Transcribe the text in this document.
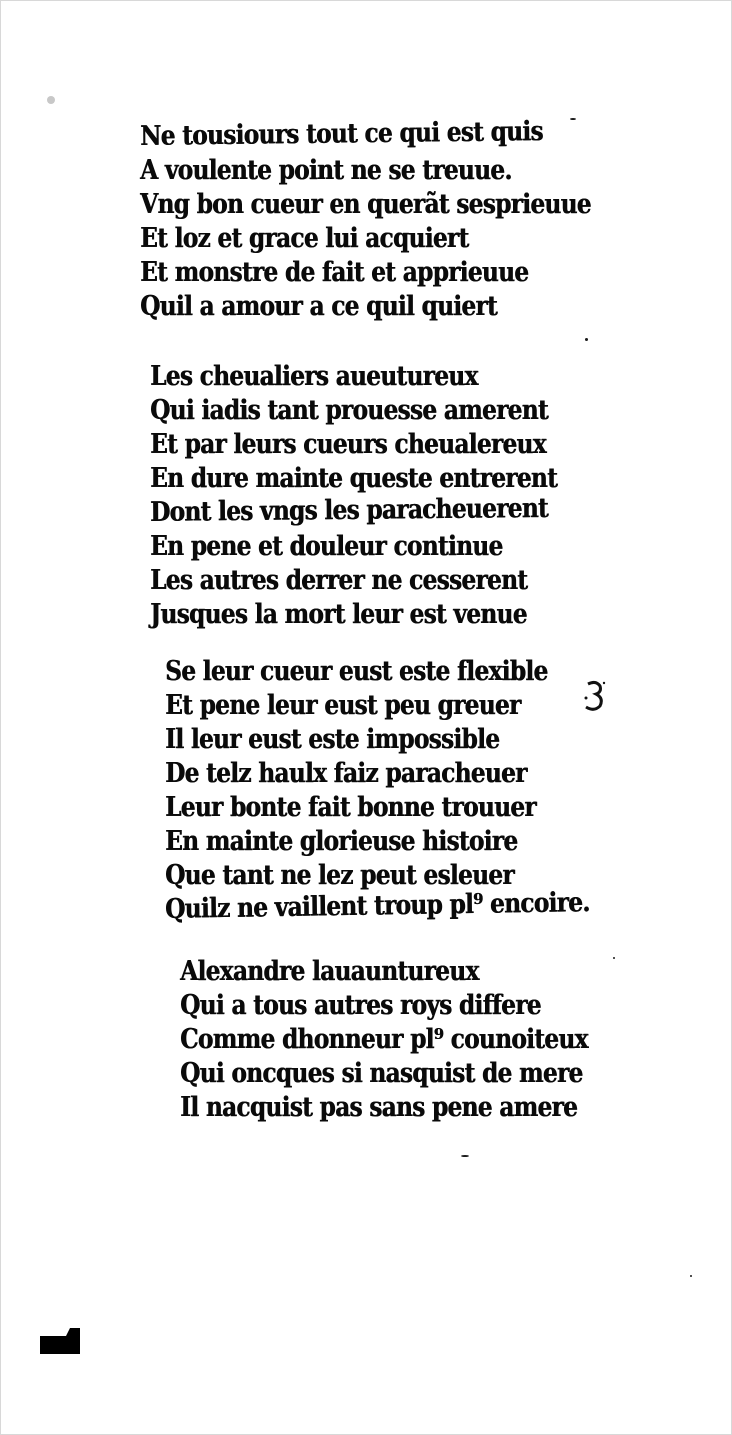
Ne tousiours tout ce qui est quis
A voulente point ne se treuue.
Vng bon cueur en querãt sesprieuue
Et loz et grace lui acquiert
Et monstre de fait et apprieuue
Quil a amour a ce quil quiert
Les cheualiers aueutureux
Qui iadis tant prouesse amerent
Et par leurs cueurs cheualereux
En dure mainte queste entrerent
Dont les vngs les paracheuerent
En pene et douleur continue
Les autres derrer ne cesserent
Jusques la mort leur est venue
Se leur cueur eust este flexible
Et pene leur eust peu greuer
Il leur eust este impossible
De telz haulx faiz paracheuer
Leur bonte fait bonne trouuer
En mainte glorieuse histoire
Que tant ne lez peut esleuer
Quilz ne vaillent troup pl⁹ encoire.
Alexandre lauauntureux
Qui a tous autres roys differe
Comme dhonneur pl⁹ counoiteux
Qui oncques si nasquist de mere
Il nacquist pas sans pene amere
